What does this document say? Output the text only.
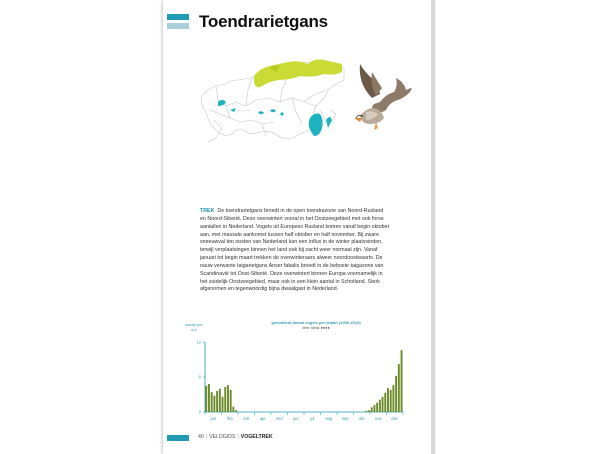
Toendrarietgans
TREK De toendrarietgans broedt in de open toendrazone van Noord-Rusland
en Noord-Siberië. Deze overwintert vooral in het Oostzeegebied met ook forse
aantallen in Nederland. Vogels uit Europees Rusland komen vanaf begin oktober
aan, met massale aankomst tussen half oktober en half november. Bij zware
sneeuwval ten oosten van Nederland kan een influx in de winter plaatsvinden,
terwijl verplaatsingen binnen het land ook bij zacht weer normaal zijn. Vanaf
januari tot begin maart trekken de overwinteraars alweer noordoostwaarts. De
nauw verwante taigarietgans Anser fabalis broedt in de beboste taigazone van
Scandinavië tot Oost-Siberië. Deze overwintert binnen Europa voornamelijk in
het zuidelijk Oostzeegebied, maar ook in een klein aantal in Schotland. Sterk
afgenomen en tegenwoordig bijna dwaalgast in Nederland.
aantal per uur
gemiddeld aantal vogels per telaan (2000-2015)
zeer talrijk ●●●●
0
6
12
jan	feb	mrt apr mei jun	jul	aug sep okt nov dec
40 | VELDGIDS | VOGELTREK
